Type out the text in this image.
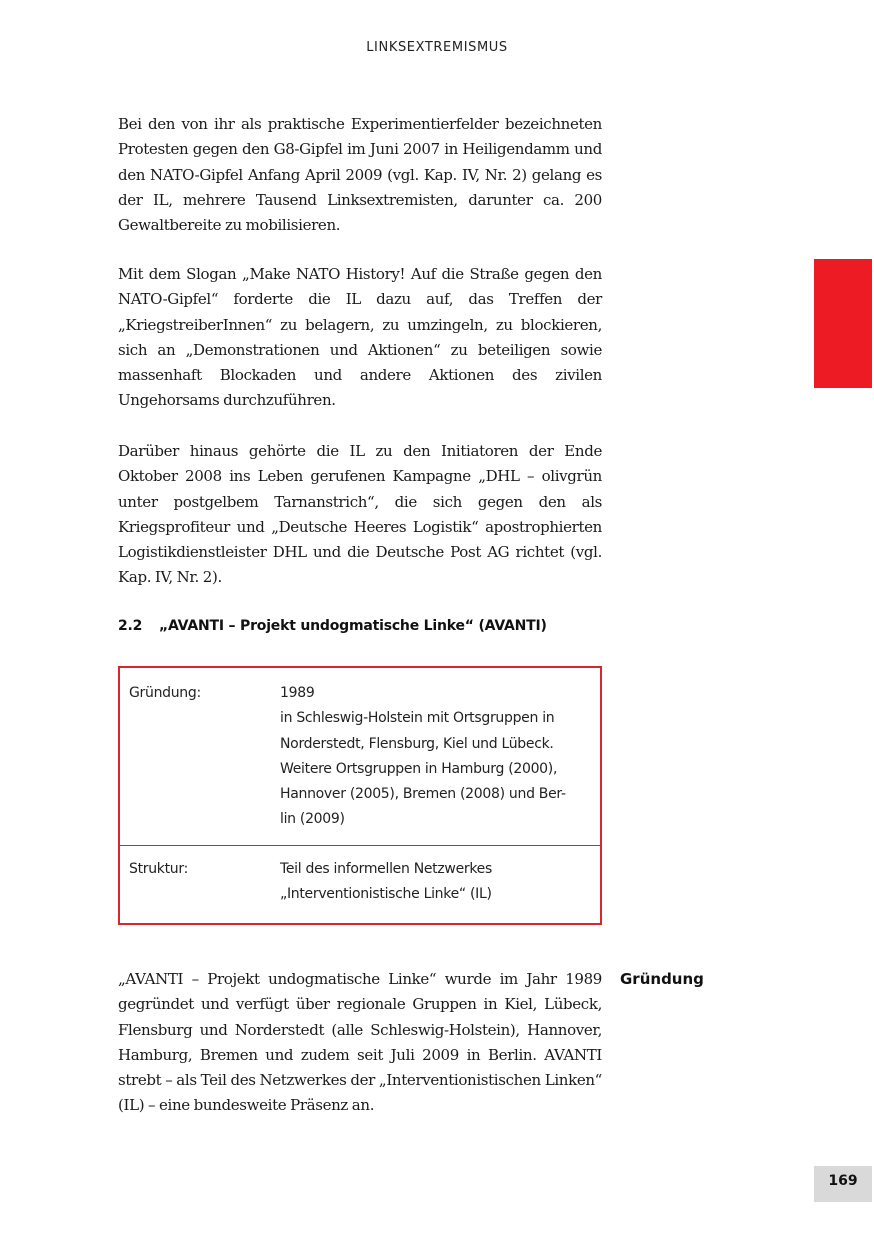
LINKSEXTREMISMUS

Bei den von ihr als praktische Experimentierfelder bezeichneten Protesten gegen den G8-Gipfel im Juni 2007 in Heiligendamm und den NATO-Gipfel Anfang April 2009 (vgl. Kap. IV, Nr. 2) gelang es der IL, mehrere Tausend Linksextremisten, darunter ca. 200 Gewaltbereite zu mobilisieren.

Mit dem Slogan „Make NATO History! Auf die Straße gegen den NATO-Gipfel“ forderte die IL dazu auf, das Treffen der „KriegstreiberInnen“ zu belagern, zu umzingeln, zu blockieren, sich an „Demonstrationen und Aktionen“ zu beteiligen sowie massenhaft Blockaden und andere Aktionen des zivilen Ungehorsams durchzuführen.

Darüber hinaus gehörte die IL zu den Initiatoren der Ende Oktober 2008 ins Leben gerufenen Kampagne „DHL – olivgrün unter postgelbem Tarnanstrich“, die sich gegen den als Kriegsprofiteur und „Deutsche Heeres Logistik“ apostrophierten Logistikdienstleister DHL und die Deutsche Post AG richtet (vgl. Kap. IV, Nr. 2).

2.2 „AVANTI – Projekt undogmatische Linke“ (AVANTI)
Gründung:	1989
in Schleswig-Holstein mit Ortsgruppen in
Norderstedt, Flensburg, Kiel und Lübeck.
Weitere Ortsgruppen in Hamburg (2000),
Hannover (2005), Bremen (2008) und Ber-
lin (2009)
Struktur:	Teil des informellen Netzwerkes
„Interventionistische Linke“ (IL)

„AVANTI – Projekt undogmatische Linke“ wurde im Jahr 1989 gegründet und verfügt über regionale Gruppen in Kiel, Lübeck, Flensburg und Norderstedt (alle Schleswig-Holstein), Hannover, Hamburg, Bremen und zudem seit Juli 2009 in Berlin. AVANTI strebt – als Teil des Netzwerkes der „Interventionistischen Linken“ (IL) – eine bundesweite Präsenz an.

Gründung
169
